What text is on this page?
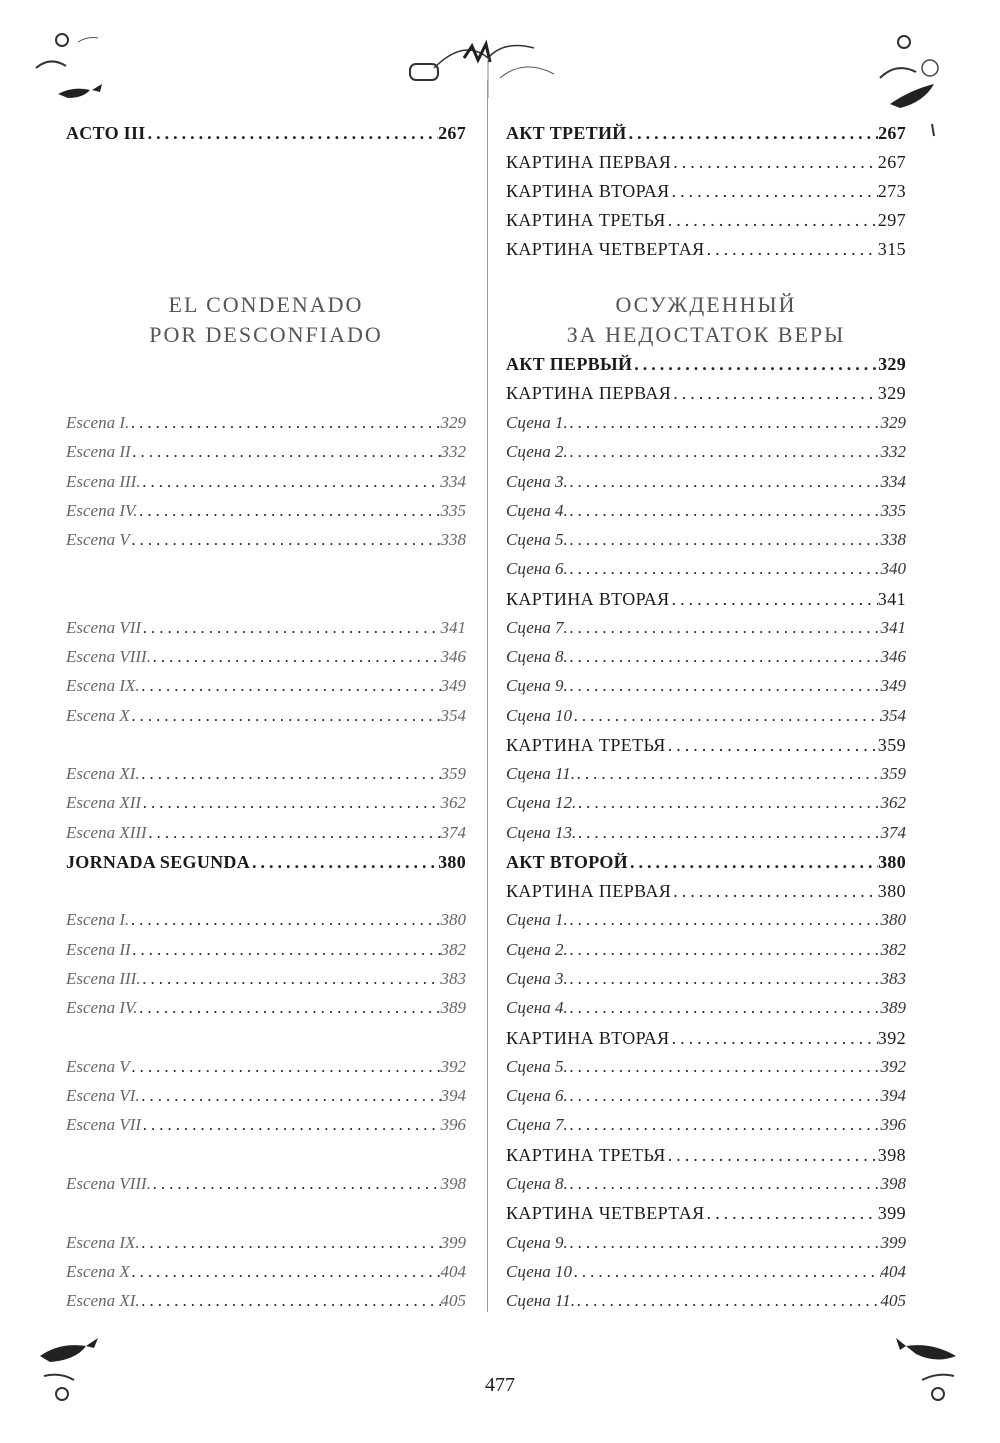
ACTO III .....	267
EL CONDENADO
POR DESCONFIADO
Escena I. .....	329
Escena II .....	332
Escena III. .....	334
Escena IV. .....	335
Escena V .....	338
Escena VII .....	341
Escena VIII. .....	346
Escena IX. .....	349
Escena X .....	354
Escena XI. .....	359
Escena XII .....	362
Escena XIII .....	374
JORNADA SEGUNDA .....	380
Escena I. .....	380
Escena II .....	382
Escena III. .....	383
Escena IV. .....	389
Escena V .....	392
Escena VI. .....	394
Escena VII .....	396
Escena VIII. .....	398
Escena IX. .....	399
Escena X .....	404
Escena XI. .....	405
АКТ ТРЕТИЙ .....	267
КАРТИНА ПЕРВАЯ .....	267
КАРТИНА ВТОРАЯ .....	273
КАРТИНА ТРЕТЬЯ .....	297
КАРТИНА ЧЕТВЕРТАЯ .....	315
ОСУЖДЕННЫЙ
ЗА НЕДОСТАТОК ВЕРЫ
АКТ ПЕРВЫЙ .....	329
КАРТИНА ПЕРВАЯ .....	329
Сцена 1. .....	329
Сцена 2. .....	332
Сцена 3. .....	334
Сцена 4. .....	335
Сцена 5. .....	338
Сцена 6. .....	340
КАРТИНА ВТОРАЯ .....	341
Сцена 7. .....	341
Сцена 8. .....	346
Сцена 9. .....	349
Сцена 10 .....	354
КАРТИНА ТРЕТЬЯ .....	359
Сцена 11. .....	359
Сцена 12. .....	362
Сцена 13. .....	374
АКТ ВТОРОЙ .....	380
КАРТИНА ПЕРВАЯ .....	380
Сцена 1. .....	380
Сцена 2. .....	382
Сцена 3. .....	383
Сцена 4. .....	389
КАРТИНА ВТОРАЯ .....	392
Сцена 5. .....	392
Сцена 6. .....	394
Сцена 7. .....	396
КАРТИНА ТРЕТЬЯ .....	398
Сцена 8. .....	398
КАРТИНА ЧЕТВЕРТАЯ .....	399
Сцена 9. .....	399
Сцена 10 .....	404
Сцена 11. .....	405
477
